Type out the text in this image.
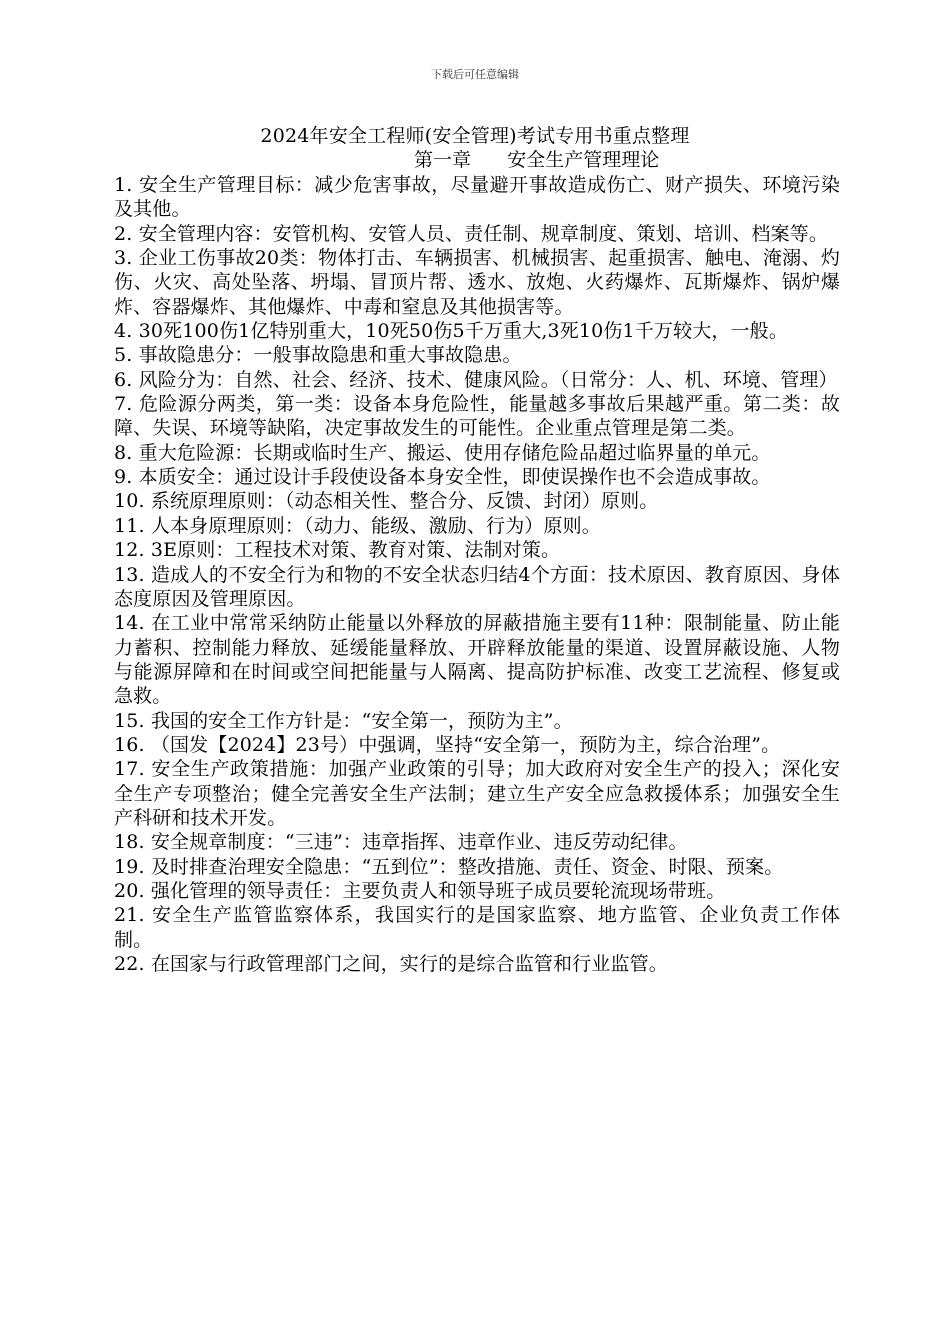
下载后可任意编辑
2024年安全工程师(安全管理)考试专用书重点整理
第一章 安全生产管理理论

1. 安全生产管理目标：减少危害事故，尽量避开事故造成伤亡、财产损失、环境污染及其他。

2. 安全管理内容：安管机构、安管人员、责任制、规章制度、策划、培训、档案等。

3. 企业工伤事故20类：物体打击、车辆损害、机械损害、起重损害、触电、淹溺、灼伤、火灾、高处坠落、坍塌、冒顶片帮、透水、放炮、火药爆炸、瓦斯爆炸、锅炉爆炸、容器爆炸、其他爆炸、中毒和窒息及其他损害等。

4. 30死100伤1亿特别重大，10死50伤5千万重大,3死10伤1千万较大，一般。

5. 事故隐患分：一般事故隐患和重大事故隐患。

6. 风险分为：自然、社会、经济、技术、健康风险。（日常分：人、机、环境、管理）

7. 危险源分两类，第一类：设备本身危险性，能量越多事故后果越严重。第二类：故障、失误、环境等缺陷，决定事故发生的可能性。企业重点管理是第二类。

8. 重大危险源：长期或临时生产、搬运、使用存储危险品超过临界量的单元。

9. 本质安全：通过设计手段使设备本身安全性，即使误操作也不会造成事故。

10. 系统原理原则：（动态相关性、整合分、反馈、封闭）原则。

11. 人本身原理原则：（动力、能级、激励、行为）原则。

12. 3E原则：工程技术对策、教育对策、法制对策。

13. 造成人的不安全行为和物的不安全状态归结4个方面：技术原因、教育原因、身体态度原因及管理原因。

14. 在工业中常常采纳防止能量以外释放的屏蔽措施主要有11种：限制能量、防止能力蓄积、控制能力释放、延缓能量释放、开辟释放能量的渠道、设置屏蔽设施、人物与能源屏障和在时间或空间把能量与人隔离、提高防护标准、改变工艺流程、修复或急救。

15. 我国的安全工作方针是：“安全第一，预防为主”。

16. （国发【2024】23号）中强调，坚持“安全第一，预防为主，综合治理”。

17. 安全生产政策措施：加强产业政策的引导；加大政府对安全生产的投入；深化安全生产专项整治；健全完善安全生产法制；建立生产安全应急救援体系；加强安全生产科研和技术开发。

18. 安全规章制度：“三违”：违章指挥、违章作业、违反劳动纪律。

19. 及时排查治理安全隐患：“五到位”：整改措施、责任、资金、时限、预案。

20. 强化管理的领导责任：主要负责人和领导班子成员要轮流现场带班。

21. 安全生产监管监察体系，我国实行的是国家监察、地方监管、企业负责工作体制。

22. 在国家与行政管理部门之间，实行的是综合监管和行业监管。
